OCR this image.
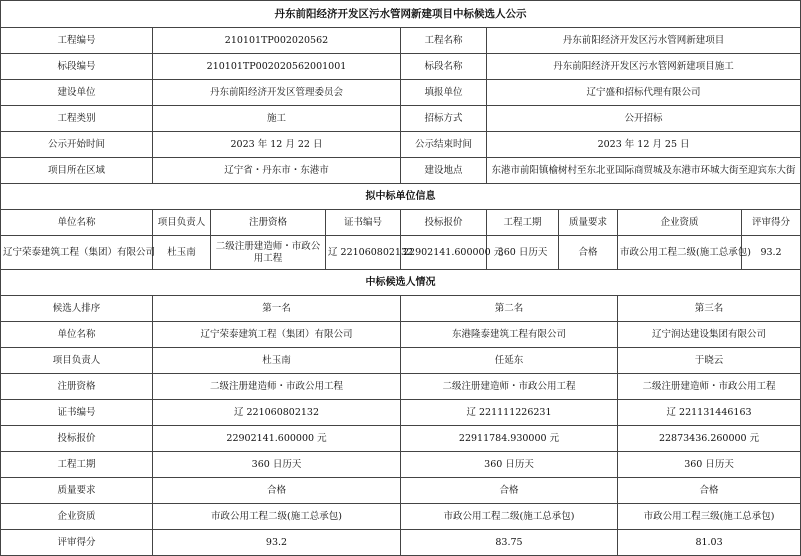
丹东前阳经济开发区污水管网新建项目中标候选人公示								
工程编号	210101TP002020562			工程名称	丹东前阳经济开发区污水管网新建项目			
标段编号	210101TP002020562001001			标段名称	丹东前阳经济开发区污水管网新建项目施工			
建设单位	丹东前阳经济开发区管理委员会			填报单位	辽宁盛和招标代理有限公司			
工程类别	施工			招标方式	公开招标			
公示开始时间	2023 年 12 月 22 日			公示结束时间	2023 年 12 月 25 日			
项目所在区域	辽宁省・丹东市・东港市			建设地点	东港市前阳镇榆树村至东北亚国际商贸城及东港市环城大街至迎宾东大街			
拟中标单位信息								
单位名称	项目负责人	注册资格	证书编号	投标报价	工程工期	质量要求	企业资质	评审得分
辽宁荣泰建筑工程（集团）有限公司	杜玉南	二级注册建造师・市政公用工程	辽 221060802132	22902141.600000 元	360 日历天	合格	市政公用工程二级(施工总承包)	93.2
中标候选人情况								
候选人排序	第一名			第二名			第三名	
单位名称	辽宁荣泰建筑工程（集团）有限公司			东港隆泰建筑工程有限公司			辽宁润达建设集团有限公司	
项目负责人	杜玉南			任延东			于晓云	
注册资格	二级注册建造师・市政公用工程			二级注册建造师・市政公用工程			二级注册建造师・市政公用工程	
证书编号	辽 221060802132			辽 221111226231			辽 221131446163	
投标报价	22902141.600000 元			22911784.930000 元			22873436.260000 元	
工程工期	360 日历天			360 日历天			360 日历天	
质量要求	合格			合格			合格	
企业资质	市政公用工程二级(施工总承包)			市政公用工程二级(施工总承包)			市政公用工程三级(施工总承包)	
评审得分	93.2			83.75			81.03	
